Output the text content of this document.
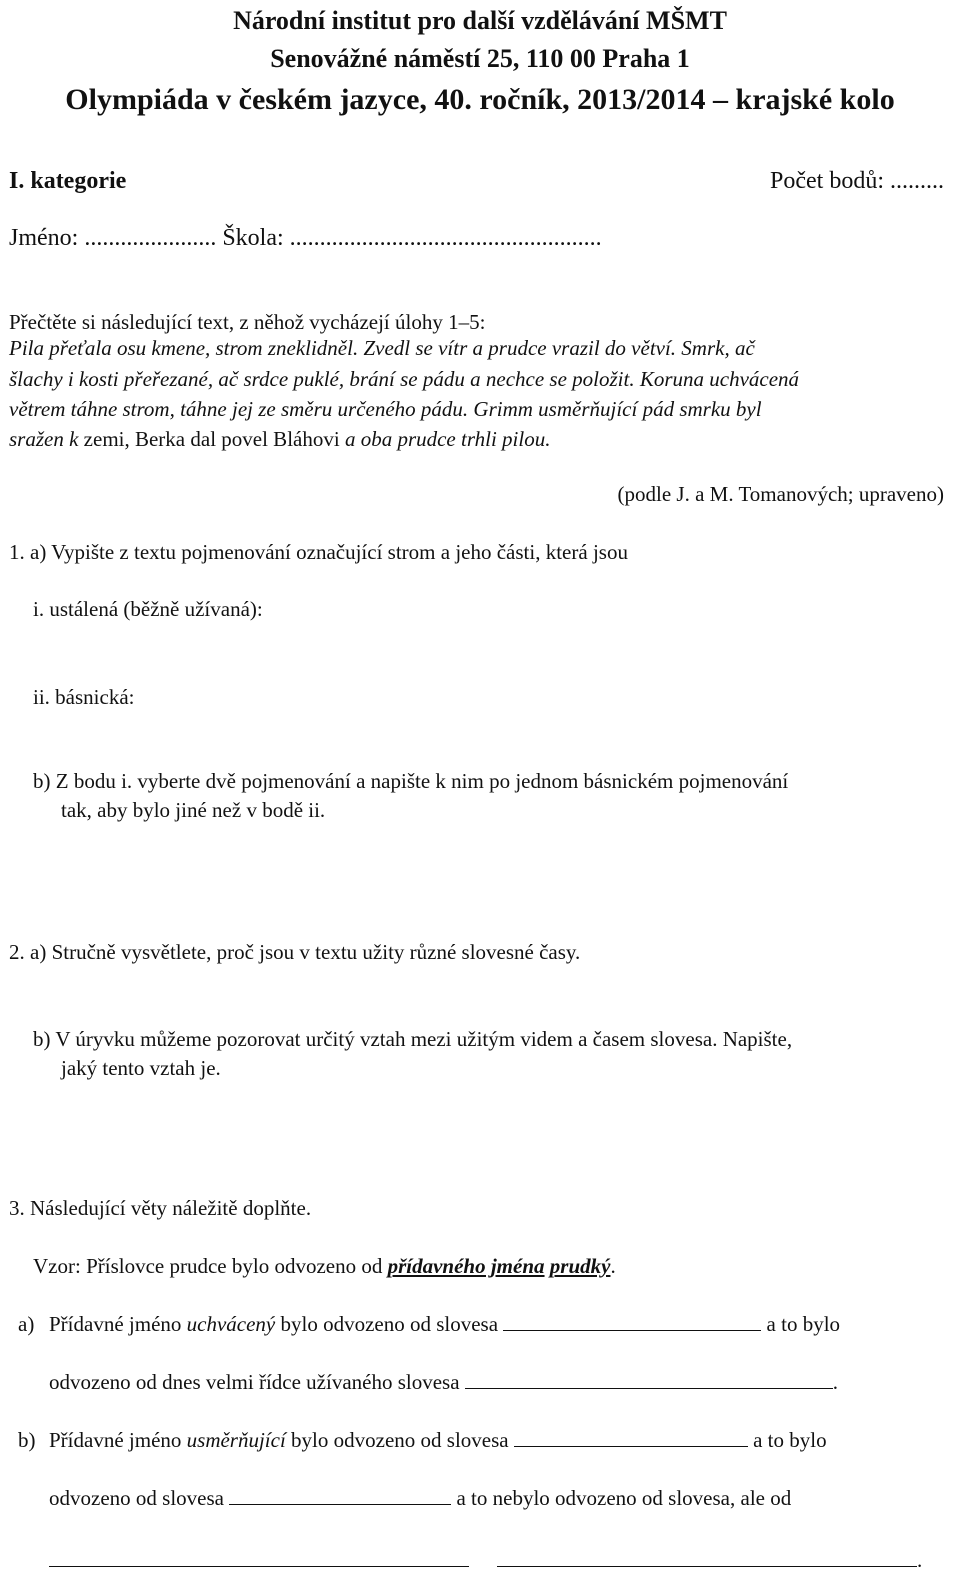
Národní institut pro další vzdělávání MŠMT
Senovážné náměstí 25, 110 00 Praha 1
Olympiáda v českém jazyce, 40. ročník, 2013/2014 – krajské kolo
I. kategorie	Počet bodů: .........
Jméno: ...................... Škola: ....................................................
Přečtěte si následující text, z něhož vycházejí úlohy 1–5:
Pila přeťala osu kmene, strom zneklidněl. Zvedl se vítr a prudce vrazil do větví. Smrk, ač
šlachy i kosti přeřezané, ač srdce puklé, brání se pádu a nechce se položit. Koruna uchvácená
větrem táhne strom, táhne jej ze směru určeného pádu. Grimm usměrňující pád smrku byl
sražen k zemi, Berka dal povel Bláhovi a oba prudce trhli pilou.
(podle J. a M. Tomanových; upraveno)
1. a) Vypište z textu pojmenování označující strom a jeho části, která jsou
i. ustálená (běžně užívaná):
ii. básnická:
b) Z bodu i. vyberte dvě pojmenování a napište k nim po jednom básnickém pojmenování
tak, aby bylo jiné než v bodě ii.
2. a) Stručně vysvětlete, proč jsou v textu užity různé slovesné časy.
b) V úryvku můžeme pozorovat určitý vztah mezi užitým videm a časem slovesa. Napište,
jaký tento vztah je.
3. Následující věty náležitě doplňte.
Vzor: Příslovce prudce bylo odvozeno od přídavného jména prudký.
a) Přídavné jméno uchvácený bylo odvozeno od slovesa	a to bylo
odvozeno od dnes velmi řídce užívaného slovesa	.
b) Přídavné jméno usměrňující bylo odvozeno od slovesa	a to bylo
odvozeno od slovesa	a to nebylo odvozeno od slovesa, ale od
.
